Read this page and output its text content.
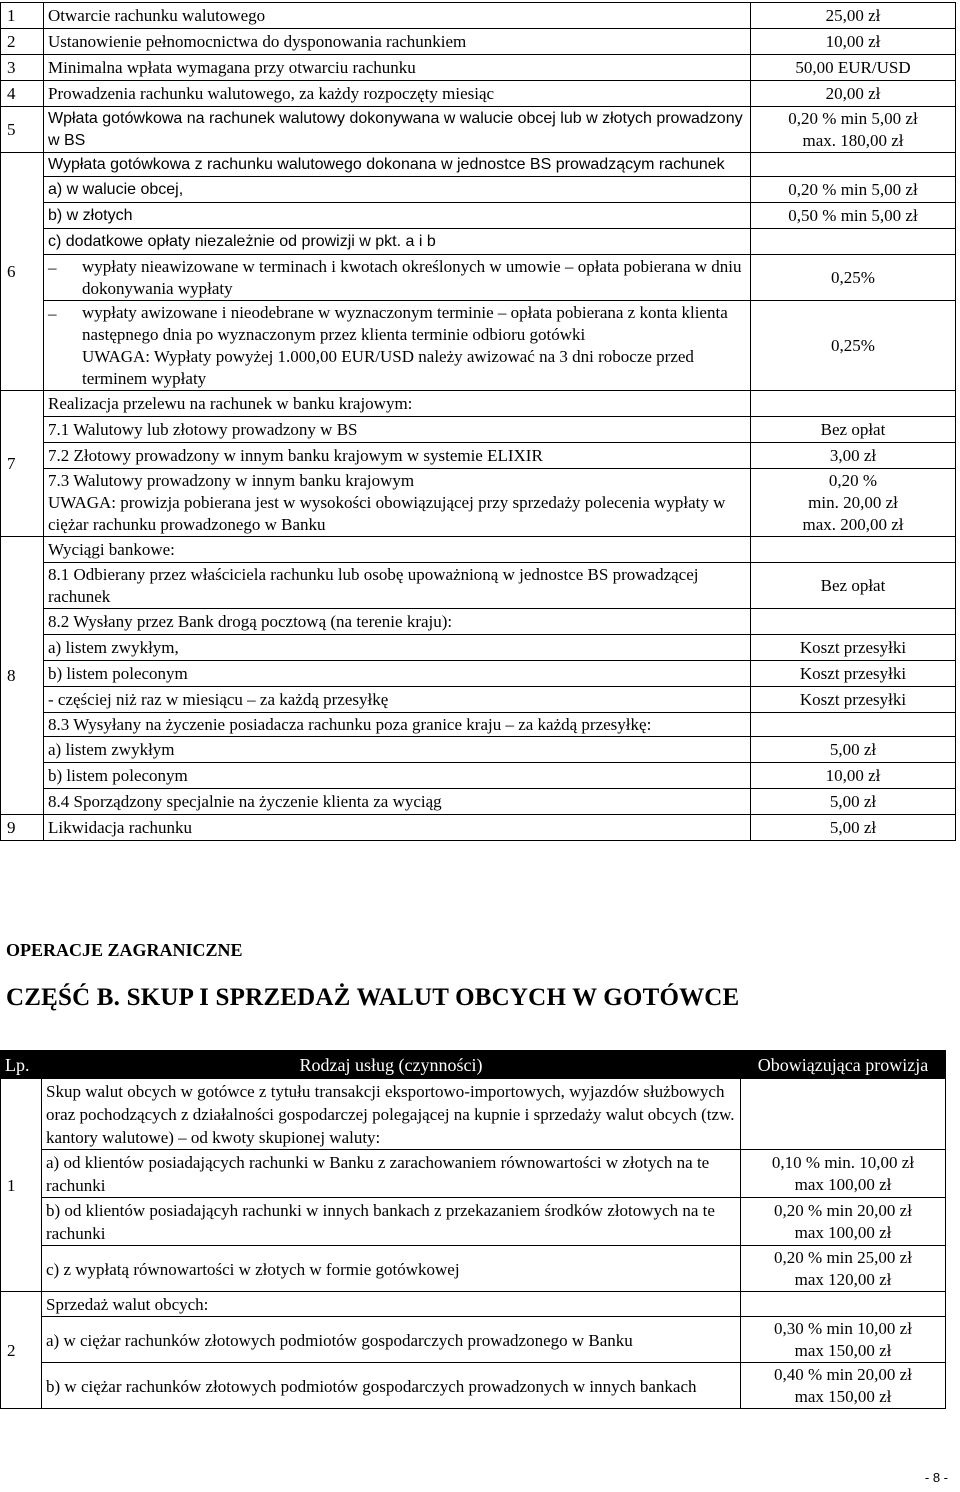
1	Otwarcie rachunku walutowego	25,00 zł
2	Ustanowienie pełnomocnictwa do dysponowania rachunkiem	10,00 zł
3	Minimalna wpłata wymagana przy otwarciu rachunku	50,00 EUR/USD
4	Prowadzenia rachunku walutowego, za każdy rozpoczęty miesiąc	20,00 zł
5	Wpłata gotówkowa na rachunek walutowy dokonywana w walucie obcej lub w złotych prowadzony w BS	0,20 % min 5,00 zł
max. 180,00 zł

6	Wypłata gotówkowa z rachunku walutowego dokonana w jednostce BS prowadzącym rachunek	

	a) w walucie obcej,	0,20 % min 5,00 zł
	b) w złotych	0,50 % min 5,00 zł
	c) dodatkowe opłaty niezależnie od prowizji w pkt. a i b	

	– wypłaty nieawizowane w terminach i kwotach określonych w umowie – opłata pobierana w dniu dokonywania wypłaty	0,25%

	– wypłaty awizowane i nieodebrane w wyznaczonym terminie – opłata pobierana z konta klienta następnego dnia po wyznaczonym przez klienta terminie odbioru gotówki
UWAGA: Wypłaty powyżej 1.000,00 EUR/USD należy awizować na 3 dni robocze przed terminem wypłaty	0,25%
7	Realizacja przelewu na rachunek w banku krajowym:	
	7.1 Walutowy lub złotowy prowadzony w BS	Bez opłat
	7.2 Złotowy prowadzony w innym banku krajowym w systemie ELIXIR	3,00 zł

	7.3 Walutowy prowadzony w innym banku krajowym
UWAGA: prowizja pobierana jest w wysokości obowiązującej przy sprzedaży polecenia wypłaty w ciężar rachunku prowadzonego w Banku	0,20 %
min. 20,00 zł
max. 200,00 zł

8	Wyciągi bankowe:	

	8.1 Odbierany przez właściciela rachunku lub osobę upoważnioną w jednostce BS prowadzącej rachunek	Bez opłat
	8.2 Wysłany przez Bank drogą pocztową (na terenie kraju):	
	a) listem zwykłym,	Koszt przesyłki
	b) listem poleconym	Koszt przesyłki
	- częściej niż raz w miesiącu – za każdą przesyłkę	Koszt przesyłki

	8.3 Wysyłany na życzenie posiadacza rachunku poza granice kraju – za każdą przesyłkę:	

	a) listem zwykłym	5,00 zł
	b) listem poleconym	10,00 zł
	8.4 Sporządzony specjalnie na życzenie klienta za wyciąg	5,00 zł
9	Likwidacja rachunku	5,00 zł
OPERACJE ZAGRANICZNE
CZĘŚĆ B. SKUP I SPRZEDAŻ WALUT OBCYCH W GOTÓWCE
Lp.	Rodzaj usług (czynności)	Obowiązująca prowizja
1	Skup walut obcych w gotówce z tytułu transakcji eksportowo-importowych, wyjazdów służbowych oraz pochodzących z działalności gospodarczej polegającej na kupnie i sprzedaży walut obcych (tzw. kantory walutowe) – od kwoty skupionej waluty:	
	a) od klientów posiadających rachunki w Banku z zarachowaniem równowartości w złotych na te rachunki	0,10 % min. 10,00 zł
max 100,00 zł

	b) od klientów posiadającyh rachunki w innych bankach z przekazaniem środków złotowych na te rachunki	0,20 % min 20,00 zł
max 100,00 zł

	c) z wypłatą równowartości w złotych w formie gotówkowej	0,20 % min 25,00 zł
max 120,00 zł

2	Sprzedaż walut obcych:	
	a) w ciężar rachunków złotowych podmiotów gospodarczych prowadzonego w Banku	0,30 % min 10,00 zł
max 150,00 zł

	b) w ciężar rachunków złotowych podmiotów gospodarczych prowadzonych w innych bankach	0,40 % min 20,00 zł
max 150,00 zł
- 8 -
